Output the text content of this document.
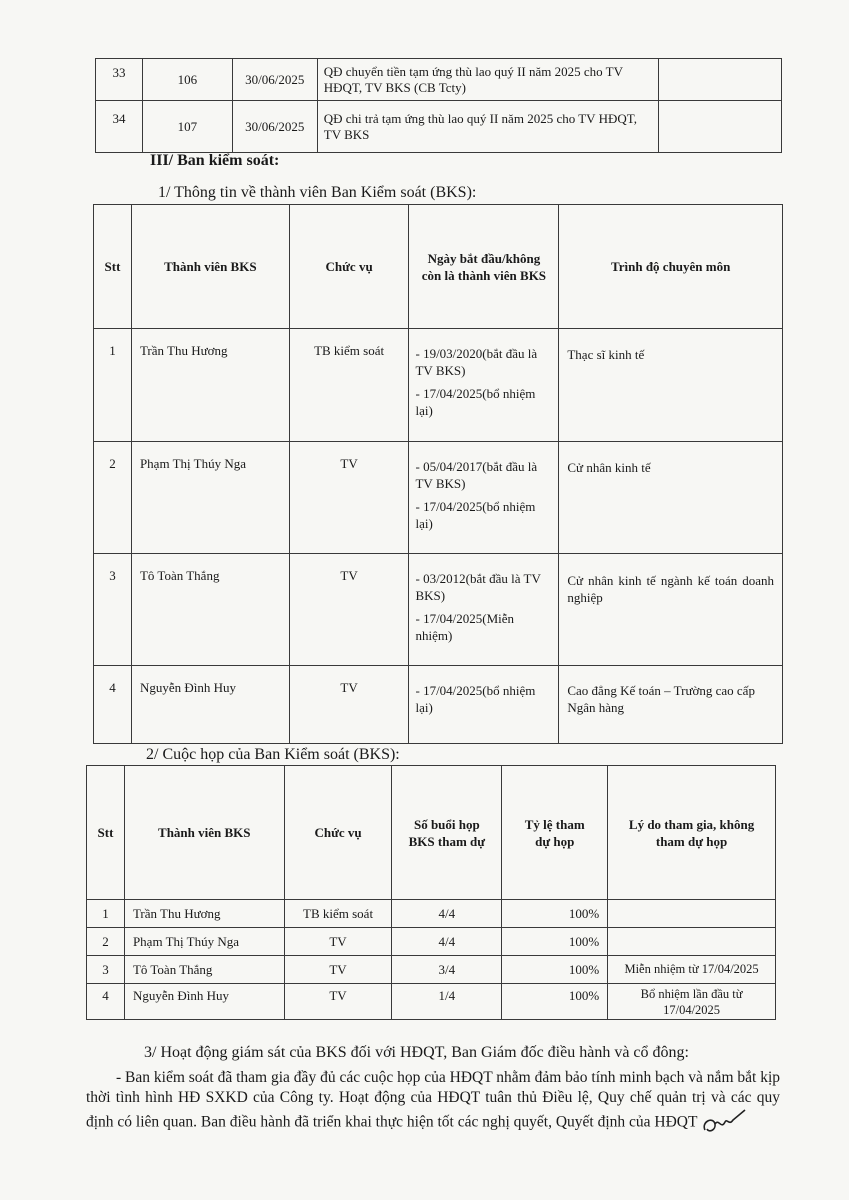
33	106	30/06/2025	QĐ chuyển tiền tạm ứng thù lao quý II năm 2025 cho TV HĐQT, TV BKS (CB Tcty)	
34	107	30/06/2025	QĐ chi trả tạm ứng thù lao quý II năm 2025 cho TV HĐQT, TV BKS	
III/ Ban kiểm soát:
1/ Thông tin về thành viên Ban Kiểm soát (BKS):
Stt	Thành viên BKS	Chức vụ	Ngày bắt đầu/không còn là thành viên BKS	Trình độ chuyên môn
1	Trần Thu Hương	TB kiểm soát	- 19/03/2020(bắt đầu là TV BKS)

- 17/04/2025(bổ nhiệm lại)	Thạc sĩ kinh tế
2	Phạm Thị Thúy Nga	TV	- 05/04/2017(bắt đầu là TV BKS)

- 17/04/2025(bổ nhiệm lại)	Cử nhân kinh tế
3	Tô Toàn Thắng	TV	- 03/2012(bắt đầu là TV BKS)

- 17/04/2025(Miễn nhiệm)	Cử nhân kinh tế ngành kế toán doanh nghiệp
4	Nguyễn Đình Huy	TV	- 17/04/2025(bổ nhiệm lại)	Cao đẳng Kế toán – Trường cao cấp Ngân hàng
2/ Cuộc họp của Ban Kiểm soát (BKS):
Stt	Thành viên BKS	Chức vụ	Số buổi họp BKS tham dự	Tỷ lệ tham dự họp	Lý do tham gia, không tham dự họp
1	Trần Thu Hương	TB kiểm soát	4/4	100%	
2	Phạm Thị Thúy Nga	TV	4/4	100%	
3	Tô Toàn Thắng	TV	3/4	100%	Miễn nhiệm từ 17/04/2025
4	Nguyễn Đình Huy	TV	1/4	100%	Bổ nhiệm lần đầu từ 17/04/2025
3/ Hoạt động giám sát của BKS đối với HĐQT, Ban Giám đốc điều hành và cổ đông:
- Ban kiểm soát đã tham gia đầy đủ các cuộc họp của HĐQT nhằm đảm bảo tính minh bạch và nắm bắt kịp thời tình hình HĐ SXKD của Công ty. Hoạt động của HĐQT tuân thủ Điều lệ, Quy chế quản trị và các quy định có liên quan. Ban điều hành đã triển khai thực hiện tốt các nghị quyết, Quyết định của HĐQT
